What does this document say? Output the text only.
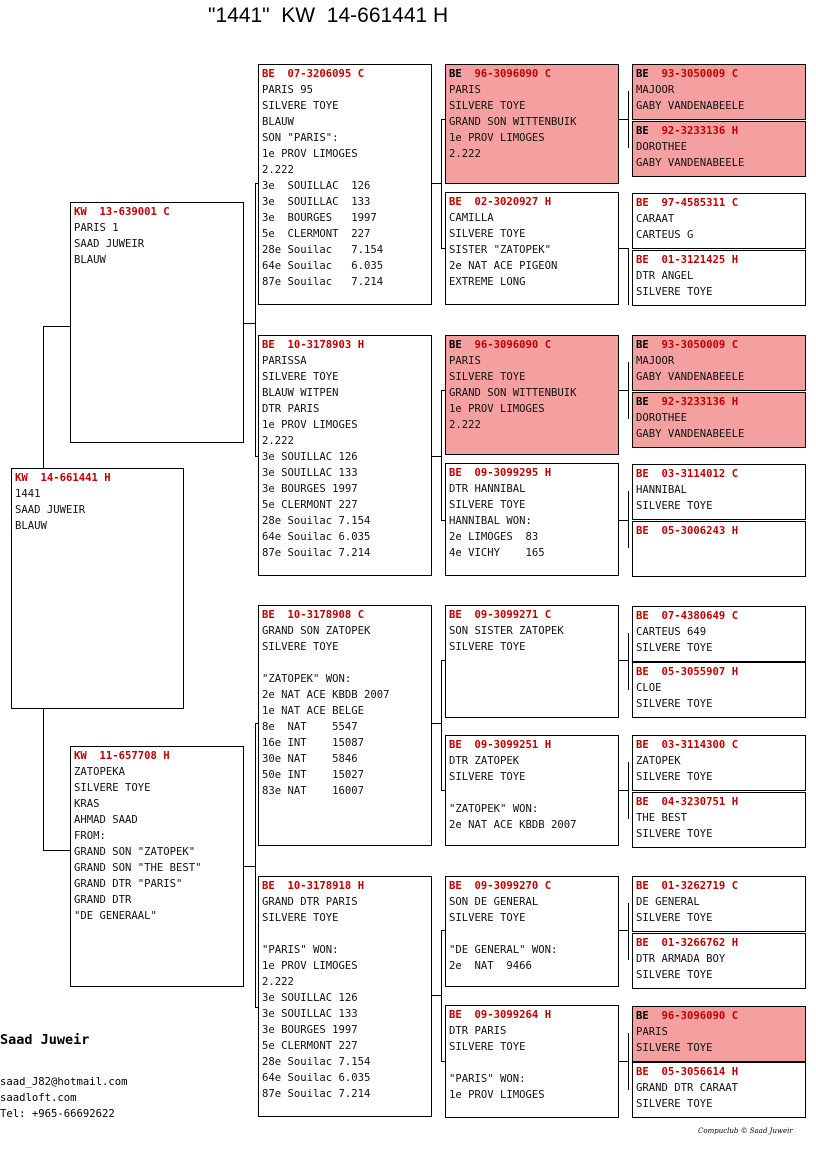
"1441"  KW  14-661441 H
KW 14-661441 H
1441
SAAD JUWEIR
BLAUW
KW 13-639001 C
PARIS 1
SAAD JUWEIR
BLAUW
KW 11-657708 H
ZATOPEKA
SILVERE TOYE
KRAS
AHMAD SAAD
FROM:
GRAND SON "ZATOPEK"
GRAND SON "THE BEST"
GRAND DTR "PARIS"
GRAND DTR
"DE GENERAAL"
BE 07-3206095 C
PARIS 95
SILVERE TOYE
BLAUW
SON "PARIS":
1e PROV LIMOGES
2.222
3e  SOUILLAC  126
3e  SOUILLAC  133
3e  BOURGES   1997
5e  CLERMONT  227
28e Souilac   7.154
64e Souilac   6.035
87e Souilac   7.214
BE 10-3178903 H
PARISSA
SILVERE TOYE
BLAUW WITPEN
DTR PARIS
1e PROV LIMOGES
2.222
3e SOUILLAC 126
3e SOUILLAC 133
3e BOURGES 1997
5e CLERMONT 227
28e Souilac 7.154
64e Souilac 6.035
87e Souilac 7.214
BE 10-3178908 C
GRAND SON ZATOPEK
SILVERE TOYE
"ZATOPEK" WON:
2e NAT ACE KBDB 2007
1e NAT ACE BELGE
8e  NAT    5547
16e INT    15087
30e NAT    5846
50e INT    15027
83e NAT    16007
BE 10-3178918 H
GRAND DTR PARIS
SILVERE TOYE
"PARIS" WON:
1e PROV LIMOGES
2.222
3e SOUILLAC 126
3e SOUILLAC 133
3e BOURGES 1997
5e CLERMONT 227
28e Souilac 7.154
64e Souilac 6.035
87e Souilac 7.214
BE 96-3096090 C
PARIS
SILVERE TOYE
GRAND SON WITTENBUIK
1e PROV LIMOGES
2.222
BE 02-3020927 H
CAMILLA
SILVERE TOYE
SISTER "ZATOPEK"
2e NAT ACE PIGEON
EXTREME LONG
BE 96-3096090 C
PARIS
SILVERE TOYE
GRAND SON WITTENBUIK
1e PROV LIMOGES
2.222
BE 09-3099295 H
DTR HANNIBAL
SILVERE TOYE
HANNIBAL WON:
2e LIMOGES  83
4e VICHY    165
BE 09-3099271 C
SON SISTER ZATOPEK
SILVERE TOYE
BE 09-3099251 H
DTR ZATOPEK
SILVERE TOYE
"ZATOPEK" WON:
2e NAT ACE KBDB 2007
BE 09-3099270 C
SON DE GENERAL
SILVERE TOYE
"DE GENERAL" WON:
2e  NAT  9466
BE 09-3099264 H
DTR PARIS
SILVERE TOYE
"PARIS" WON:
1e PROV LIMOGES
BE 93-3050009 C
MAJOOR
GABY VANDENABEELE
BE 92-3233136 H
DOROTHEE
GABY VANDENABEELE
BE 97-4585311 C
CARAAT
CARTEUS G
BE 01-3121425 H
DTR ANGEL
SILVERE TOYE
BE 93-3050009 C
MAJOOR
GABY VANDENABEELE
BE 92-3233136 H
DOROTHEE
GABY VANDENABEELE
BE 03-3114012 C
HANNIBAL
SILVERE TOYE
BE 05-3006243 H
BE 07-4380649 C
CARTEUS 649
SILVERE TOYE
BE 05-3055907 H
CLOE
SILVERE TOYE
BE 03-3114300 C
ZATOPEK
SILVERE TOYE
BE 04-3230751 H
THE BEST
SILVERE TOYE
BE 01-3262719 C
DE GENERAL
SILVERE TOYE
BE 01-3266762 H
DTR ARMADA BOY
SILVERE TOYE
BE 96-3096090 C
PARIS
SILVERE TOYE
BE 05-3056614 H
GRAND DTR CARAAT
SILVERE TOYE
Saad Juweir
saad_J82@hotmail.com
saadloft.com
Tel: +965-66692622
Compuclub © Saad Juweir
